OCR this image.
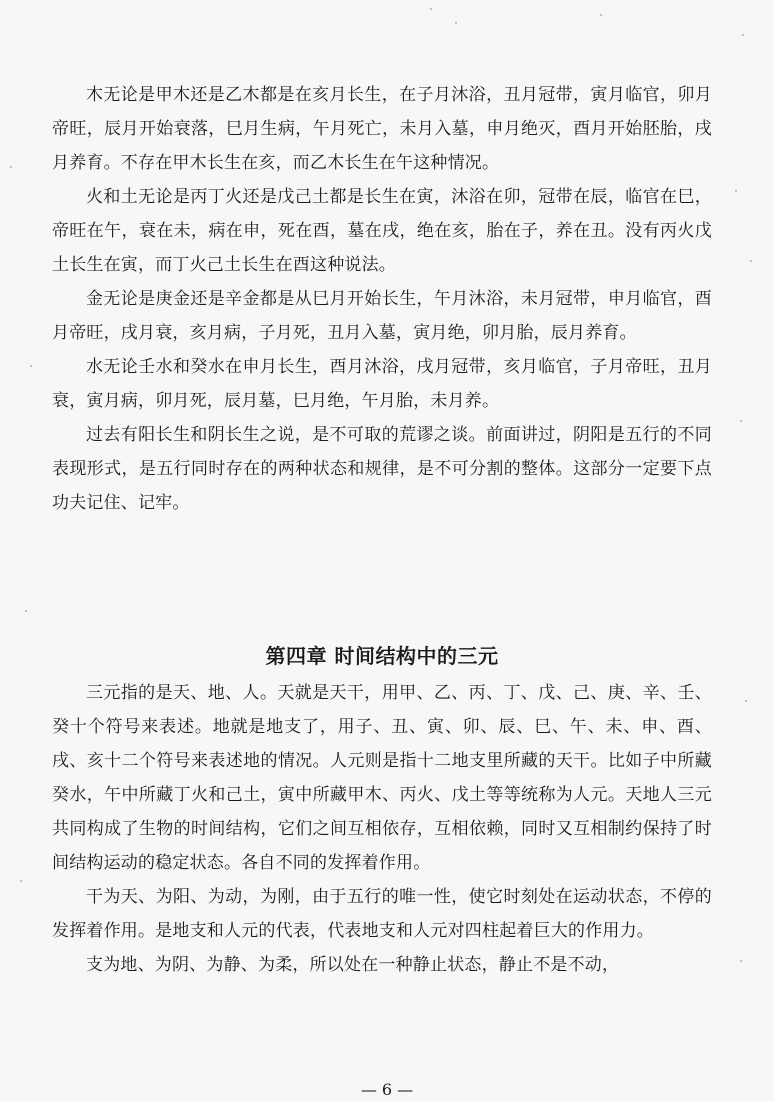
木无论是甲木还是乙木都是在亥月长生，在子月沐浴，丑月冠带，寅月临官，卯月帝旺，辰月开始衰落，巳月生病，午月死亡，未月入墓，申月绝灭，酉月开始胚胎，戌月养育。不存在甲木长生在亥，而乙木长生在午这种情况。

火和土无论是丙丁火还是戊己土都是长生在寅，沐浴在卯，冠带在辰，临官在巳，帝旺在午，衰在未，病在申，死在酉，墓在戌，绝在亥，胎在子，养在丑。没有丙火戊土长生在寅，而丁火己土长生在酉这种说法。

金无论是庚金还是辛金都是从巳月开始长生，午月沐浴，未月冠带，申月临官，酉月帝旺，戌月衰，亥月病，子月死，丑月入墓，寅月绝，卯月胎，辰月养育。

水无论壬水和癸水在申月长生，酉月沐浴，戌月冠带，亥月临官，子月帝旺，丑月衰，寅月病，卯月死，辰月墓，巳月绝，午月胎，未月养。

过去有阳长生和阴长生之说，是不可取的荒谬之谈。前面讲过，阴阳是五行的不同表现形式，是五行同时存在的两种状态和规律，是不可分割的整体。这部分一定要下点功夫记住、记牢。

第四章 时间结构中的三元

三元指的是天、地、人。天就是天干，用甲、乙、丙、丁、戊、己、庚、辛、壬、癸十个符号来表述。地就是地支了，用子、丑、寅、卯、辰、巳、午、未、申、酉、戌、亥十二个符号来表述地的情况。人元则是指十二地支里所藏的天干。比如子中所藏癸水，午中所藏丁火和己土，寅中所藏甲木、丙火、戊土等等统称为人元。天地人三元共同构成了生物的时间结构，它们之间互相依存，互相依赖，同时又互相制约保持了时间结构运动的稳定状态。各自不同的发挥着作用。

干为天、为阳、为动，为刚，由于五行的唯一性，使它时刻处在运动状态，不停的发挥着作用。是地支和人元的代表，代表地支和人元对四柱起着巨大的作用力。

支为地、为阴、为静、为柔，所以处在一种静止状态，静止不是不动，

— 6 —
